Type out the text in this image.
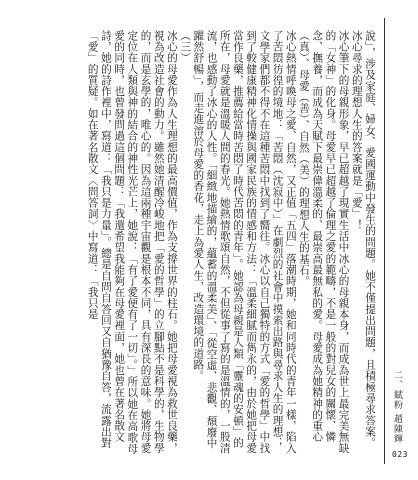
說」，涉及家庭、婦女、愛國運動中發生的問題。她不僅提出問題，且積極尋求答案。冰心尋求的理想人生的答案就是「愛」！

冰心筆下的母親形象，早已超越了現實生活中冰心的母親本身，而成為世上最完美無缺的「女神」的化身。母愛早已超越了倫理之愛的範疇，不是一般的對兒女的關懷、憐念、撫養，而成為天賦下最崇偉溫柔的、最崇高最無私的愛。母愛成為她精神的重心（真）、母愛（善）、自然（美）的理想人生的基石。

冰心熱情呼喚母之愛、自然，又正值「五四」落潮時期，她和同時代的青年一樣，陷入了苦悶彷徨的境地：「苦悶（沈寂中）」在劇烈的社會中摸索出路與尋求人生的理想；文學家們都不得不在這種苦悶中找到了嚮往。冰心以自己獨特的方式「愛的哲學」中找到了較健康精神化情操與國家民族的情感和方法：「溫柔細膩而雋永的，由於她把母愛當作良藥，推薦給當時苦悶了時代苦悶的青年」。她認為母親是人類「靈魂的安頓」的所在，母愛就是溫暖人間的春光。她熱情歌頌自然，不但從事了寫的是溫情的，一股清流，也感動了冰心的人性。「細緻地描繪的，蘊蓄的溫柔美」、「從空虛、悲觀、頹廢中躍然舒暢」，而走進溶於母愛的香花，走上為愛人生，改造環境的道路。

（三）

冰心的母愛作為人生理想的最高價值，作為支撐世界的柱石。她把母愛視為救世良藥，視為改造社會的動力。雖然她清醒冷峻地把「愛的哲學」的立腳點不是科學的，生物學的，而是玄學的，唯心的。因為這兩種宇宙觀是根本不同，具有深長的意味。她將母愛定位在人類與神的結合的神性光芒上，她說：「有了愛便有了一切」。」所以她在高歌母愛的同時，也曾發問過這個問題：「我還希望我能夠在母愛裡面，她也曾在著名散文詩，她的詩作裡中，寫道：「我只是力量」。總是自問自答回又自猶豫自答，流露出對「愛」的質疑。如在著名散文〈問答詞〉中寫道：「我只是

二、賦粉 趙陳輝
023
